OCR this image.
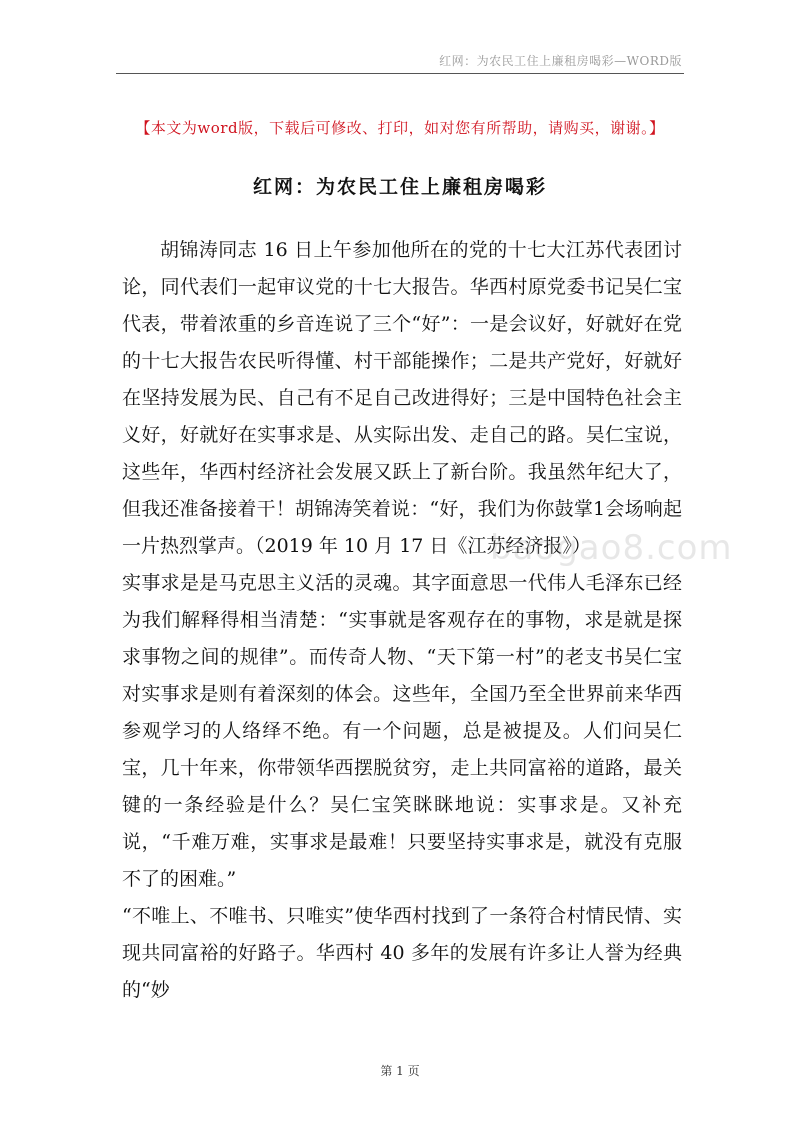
红网：为农民工住上廉租房喝彩—WORD版
【本文为word版，下载后可修改、打印，如对您有所帮助，请购买，谢谢。】
红网：为农民工住上廉租房喝彩

胡锦涛同志 16 日上午参加他所在的党的十七大江苏代表团讨论，同代表们一起审议党的十七大报告。华西村原党委书记吴仁宝代表，带着浓重的乡音连说了三个“好”：一是会议好，好就好在党的十七大报告农民听得懂、村干部能操作；二是共产党好，好就好在坚持发展为民、自己有不足自己改进得好；三是中国特色社会主义好，好就好在实事求是、从实际出发、走自己的路。吴仁宝说，这些年，华西村经济社会发展又跃上了新台阶。我虽然年纪大了，但我还准备接着干！胡锦涛笑着说：“好，我们为你鼓掌1会场响起一片热烈掌声。（2019 年 10 月 17 日《江苏经济报》）

实事求是是马克思主义活的灵魂。其字面意思一代伟人毛泽东已经为我们解释得相当清楚：“实事就是客观存在的事物，求是就是探求事物之间的规律”。而传奇人物、“天下第一村”的老支书吴仁宝对实事求是则有着深刻的体会。这些年，全国乃至全世界前来华西参观学习的人络绎不绝。有一个问题，总是被提及。人们问吴仁宝，几十年来，你带领华西摆脱贫穷，走上共同富裕的道路，最关键的一条经验是什么？吴仁宝笑眯眯地说：实事求是。又补充说，“千难万难，实事求是最难！只要坚持实事求是，就没有克服不了的困难。”

“不唯上、不唯书、只唯实”使华西村找到了一条符合村情民情、实现共同富裕的好路子。华西村 40 多年的发展有许多让人誉为经典的“妙

baogao8.com
第 1 页
